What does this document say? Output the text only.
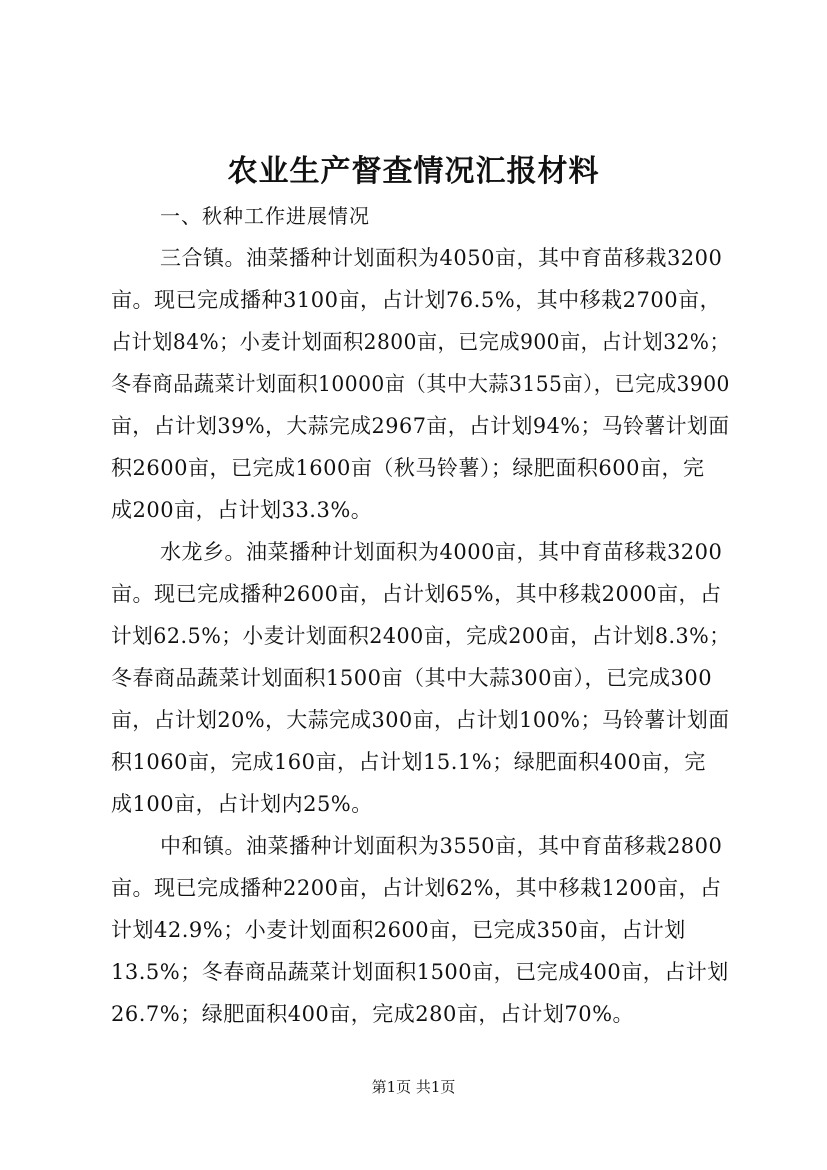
农业生产督查情况汇报材料
一、秋种工作进展情况
三合镇。油菜播种计划面积为4050亩，其中育苗移栽3200
亩。现已完成播种3100亩，占计划76.5%，其中移栽2700亩，
占计划84%；小麦计划面积2800亩，已完成900亩，占计划32%；
冬春商品蔬菜计划面积10000亩（其中大蒜3155亩），已完成3900
亩，占计划39%，大蒜完成2967亩，占计划94%；马铃薯计划面
积2600亩，已完成1600亩（秋马铃薯）；绿肥面积600亩，完
成200亩，占计划33.3%。
水龙乡。油菜播种计划面积为4000亩，其中育苗移栽3200
亩。现已完成播种2600亩，占计划65%，其中移栽2000亩，占
计划62.5%；小麦计划面积2400亩，完成200亩，占计划8.3%；
冬春商品蔬菜计划面积1500亩（其中大蒜300亩），已完成300
亩，占计划20%，大蒜完成300亩，占计划100%；马铃薯计划面
积1060亩，完成160亩，占计划15.1%；绿肥面积400亩，完
成100亩，占计划内25%。
中和镇。油菜播种计划面积为3550亩，其中育苗移栽2800
亩。现已完成播种2200亩，占计划62%，其中移栽1200亩，占
计划42.9%；小麦计划面积2600亩，已完成350亩，占计划
13.5%；冬春商品蔬菜计划面积1500亩，已完成400亩，占计划
26.7%；绿肥面积400亩，完成280亩，占计划70%。
第1页 共1页
